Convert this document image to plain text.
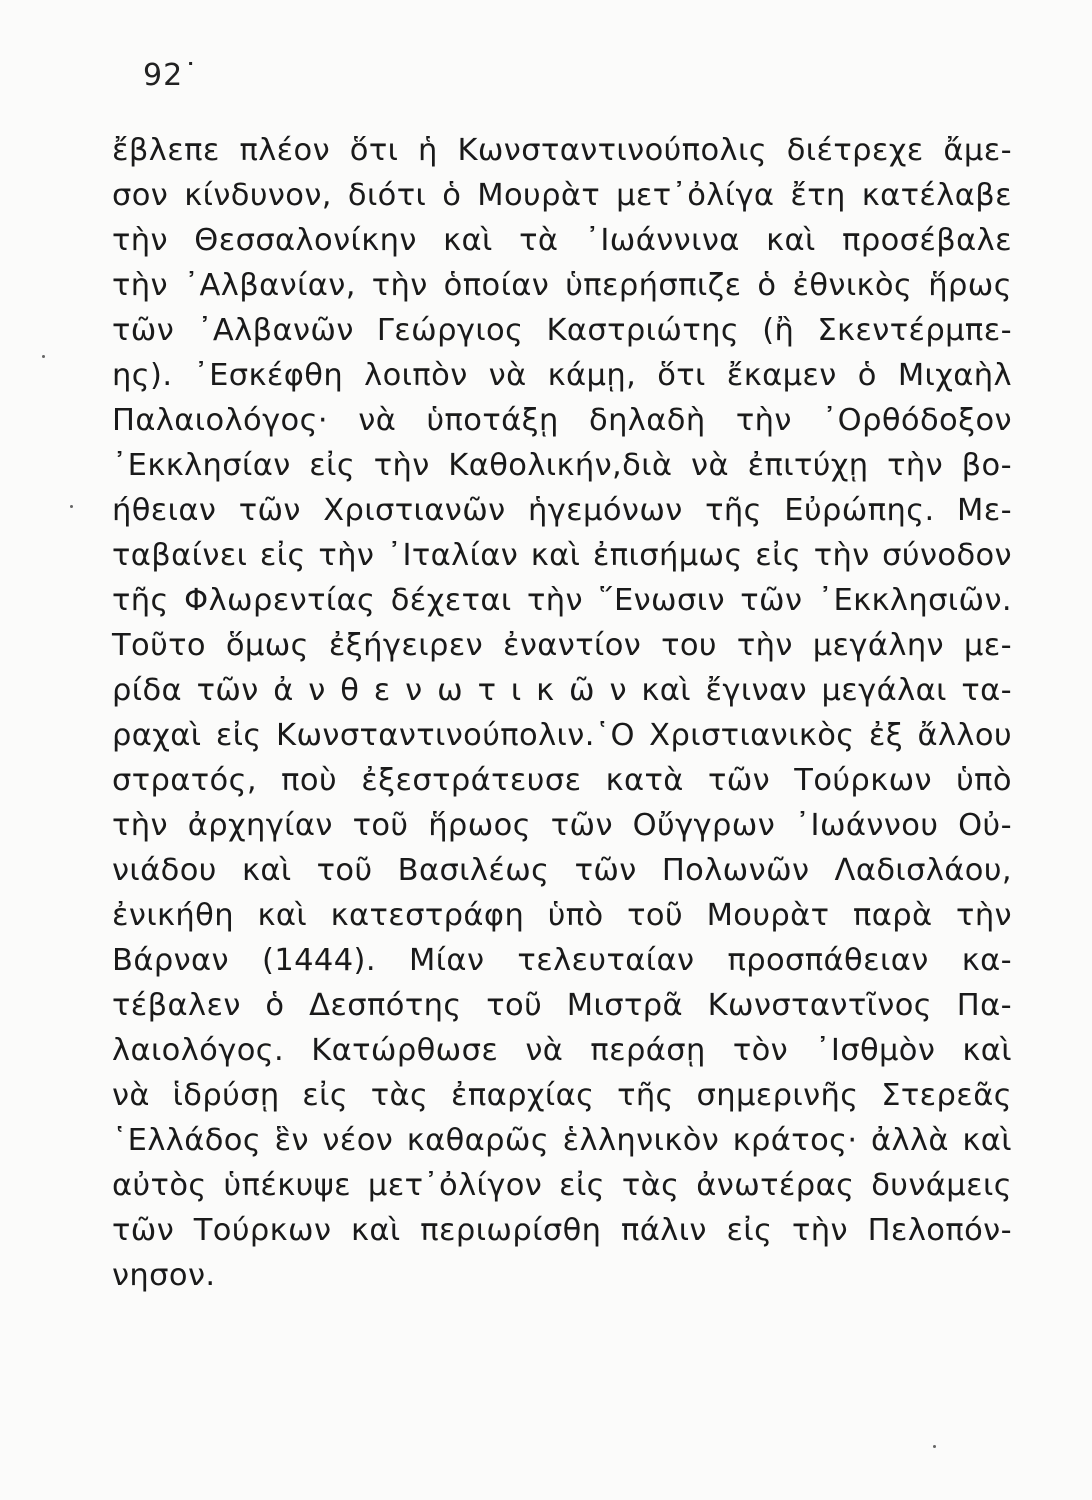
92˙
ἔβλεπε πλέον ὅτι ἡ Κωνσταντινούπολις διέτρεχε ἄμε-
σον κίνδυνον, διότι ὁ Μουρὰτ μετ᾽ὀλίγα ἔτη κατέλαβε
τὴν Θεσσαλονίκην καὶ τὰ ᾽Ιωάννινα καὶ προσέβαλε
τὴν ᾽Αλβανίαν, τὴν ὁποίαν ὑπερήσπιζε ὁ ἐθνικὸς ἥρως
τῶν ᾽Αλβανῶν Γεώργιος Καστριώτης (ἢ Σκεντέρμπε-
ης). ᾽Εσκέφθη λοιπὸν νὰ κάμῃ, ὅτι ἔκαμεν ὁ Μιχαὴλ
Παλαιολόγος· νὰ ὑποτάξῃ δηλαδὴ τὴν ᾽Ορθόδοξον
᾽Εκκλησίαν εἰς τὴν Καθολικήν,διὰ νὰ ἐπιτύχῃ τὴν βο-
ήθειαν τῶν Χριστιανῶν ἡγεμόνων τῆς Εὐρώπης. Με-
ταβαίνει εἰς τὴν ᾽Ιταλίαν καὶ ἐπισήμως εἰς τὴν σύνοδον
τῆς Φλωρεντίας δέχεται τὴν ῞Ενωσιν τῶν ᾽Εκκλησιῶν.
Τοῦτο ὅμως ἐξήγειρεν ἐναντίον του τὴν μεγάλην με-
ρίδα τῶν ἀ ν θ ε ν ω τ ι κ ῶ ν καὶ ἔγιναν μεγάλαι τα-
ραχαὶ εἰς Κωνσταντινούπολιν.῾Ο Χριστιανικὸς ἐξ ἄλλου
στρατός, ποὺ ἐξεστράτευσε κατὰ τῶν Τούρκων ὑπὸ
τὴν ἀρχηγίαν τοῦ ἥρωος τῶν Οὔγγρων ᾽Ιωάννου Οὐ-
νιάδου καὶ τοῦ Βασιλέως τῶν Πολωνῶν Λαδισλάου,
ἐνικήθη καὶ κατεστράφη ὑπὸ τοῦ Μουρὰτ παρὰ τὴν
Βάρναν (1444). Μίαν τελευταίαν προσπάθειαν κα-
τέβαλεν ὁ Δεσπότης τοῦ Μιστρᾶ Κωνσταντῖνος Πα-
λαιολόγος. Κατώρθωσε νὰ περάσῃ τὸν ᾽Ισθμὸν καὶ
νὰ ἱδρύσῃ εἰς τὰς ἐπαρχίας τῆς σημερινῆς Στερεᾶς
῾Ελλάδος ἓν νέον καθαρῶς ἑλληνικὸν κράτος· ἀλλὰ καὶ
αὐτὸς ὑπέκυψε μετ᾽ὀλίγον εἰς τὰς ἀνωτέρας δυνάμεις
τῶν Τούρκων καὶ περιωρίσθη πάλιν εἰς τὴν Πελοπόν-
νησον.
